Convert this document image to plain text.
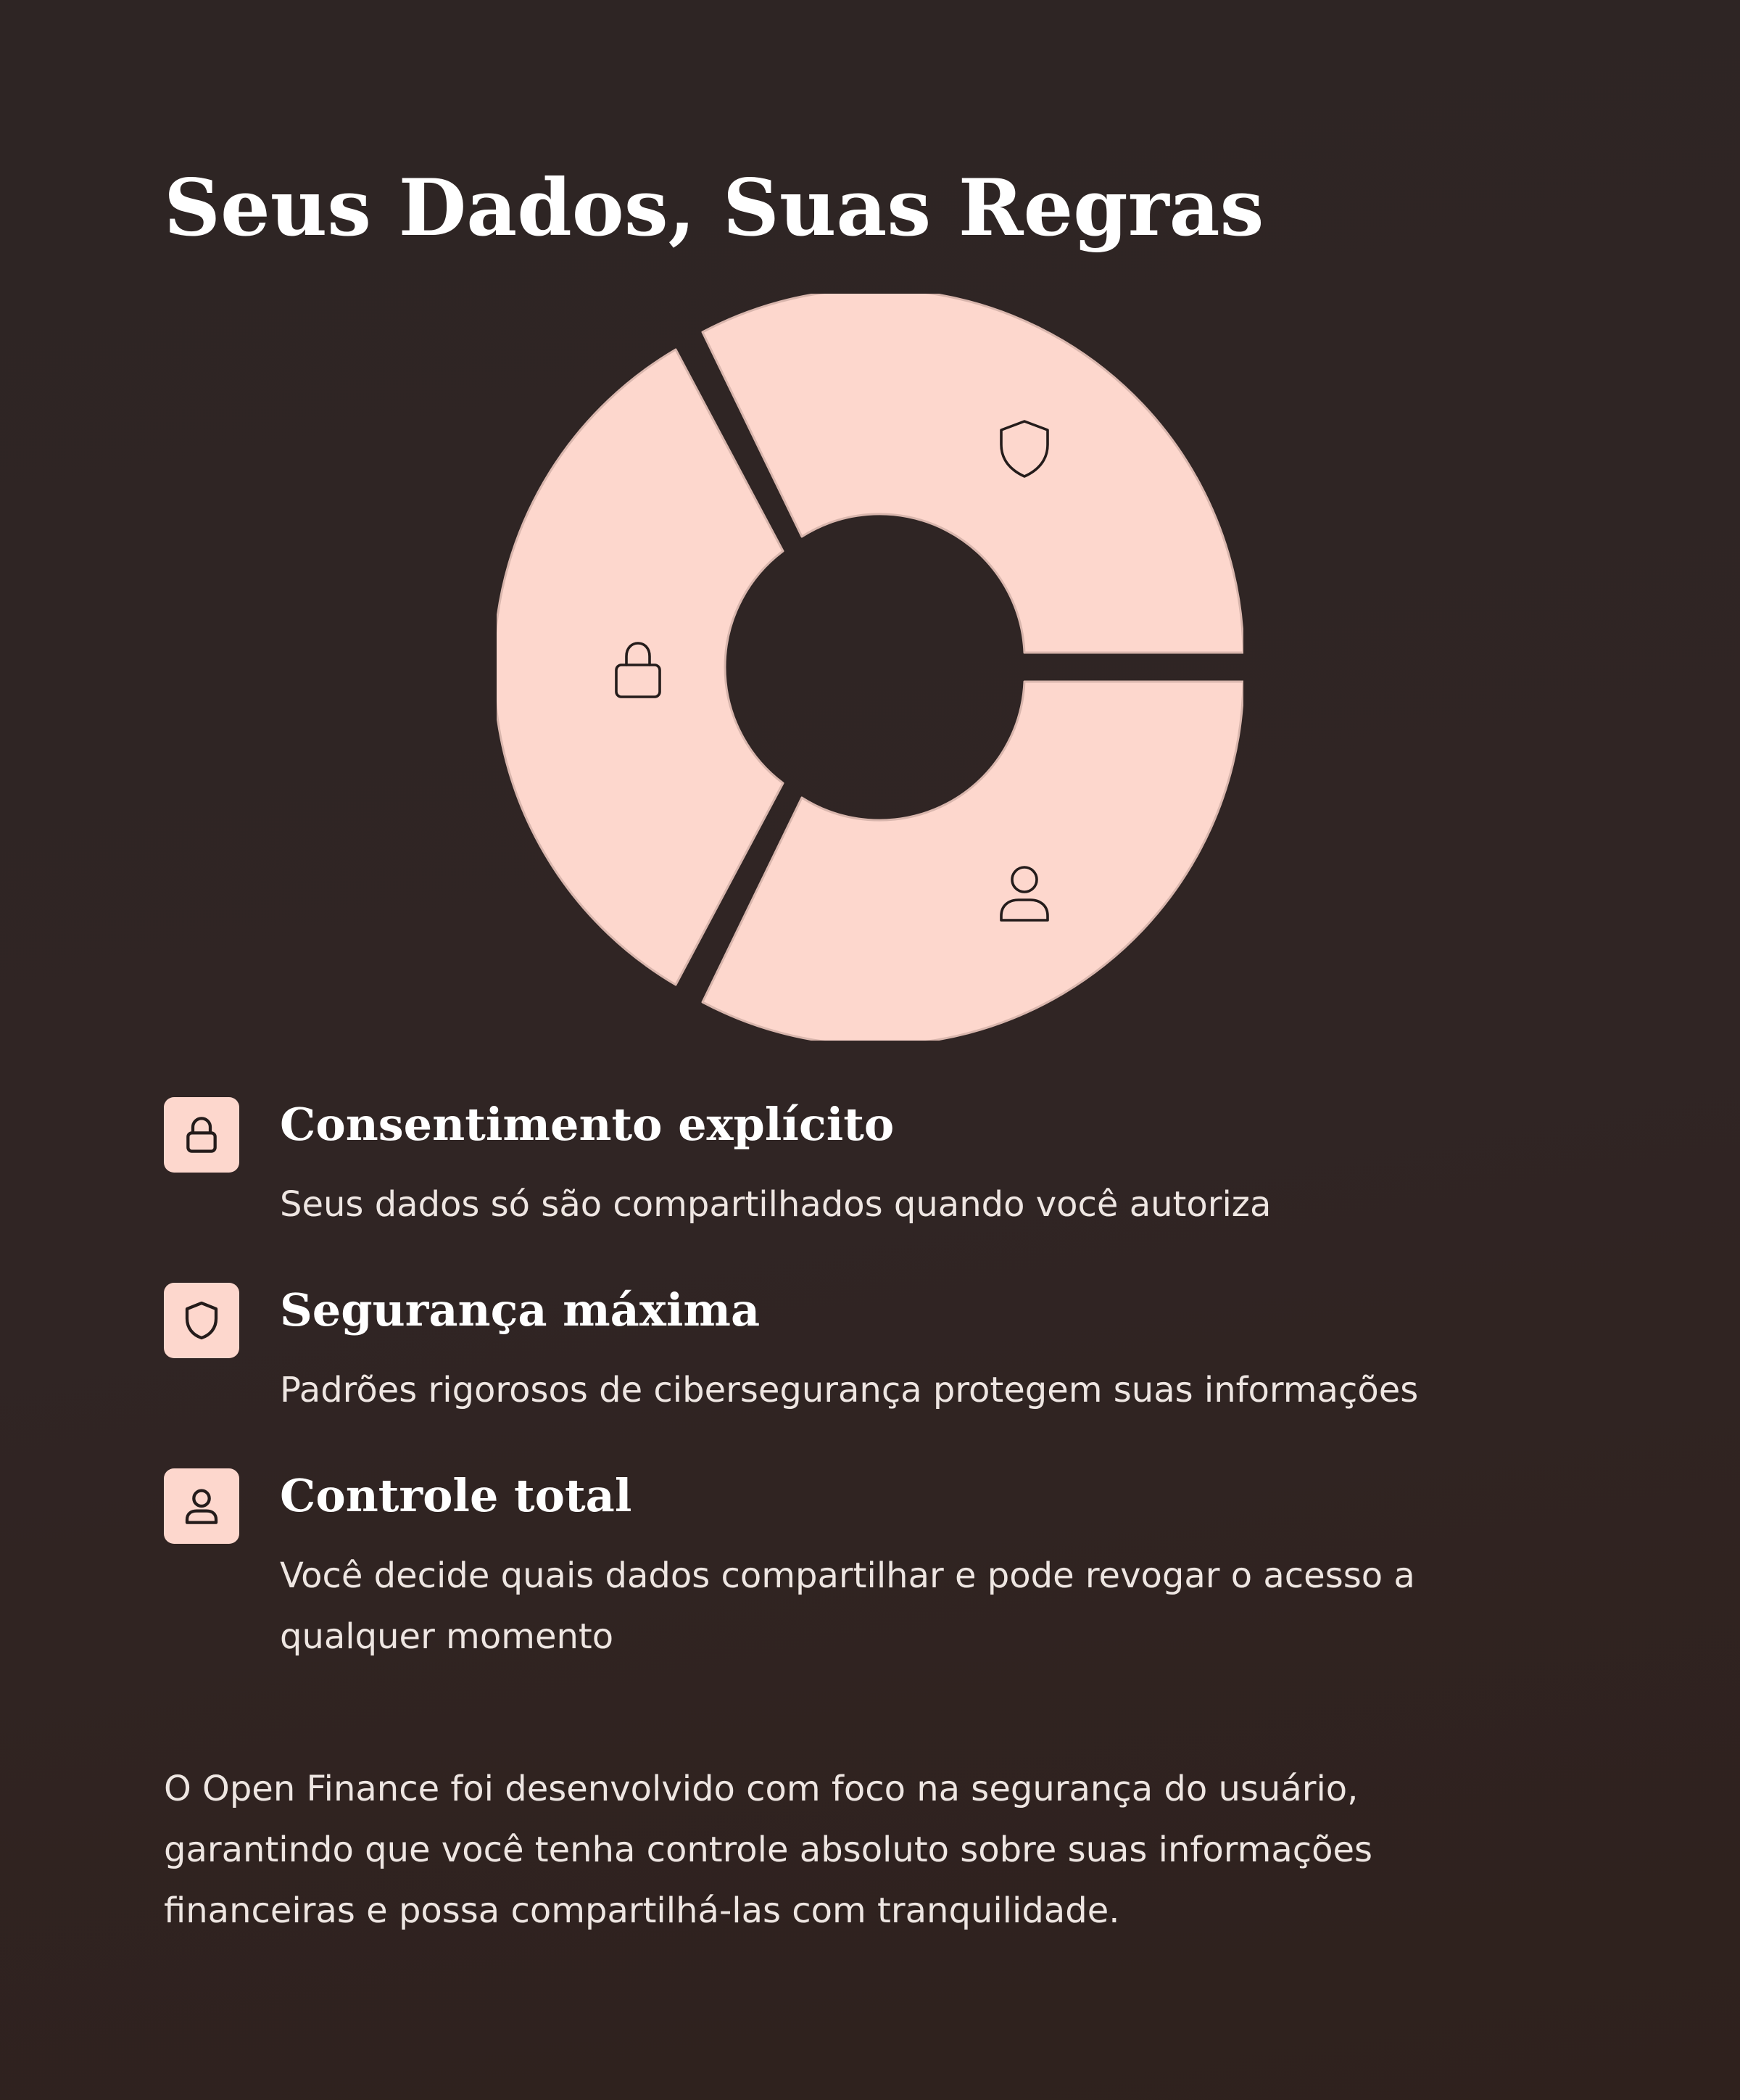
Seus Dados, Suas Regras
Consentimento explícito

Seus dados só são compartilhados quando você autoriza

Segurança máxima

Padrões rigorosos de cibersegurança protegem suas informações

Controle total

Você decide quais dados compartilhar e pode revogar o acesso a qualquer momento

O Open Finance foi desenvolvido com foco na segurança do usuário, garantindo que você tenha controle absoluto sobre suas informações financeiras e possa compartilhá-las com tranquilidade.
